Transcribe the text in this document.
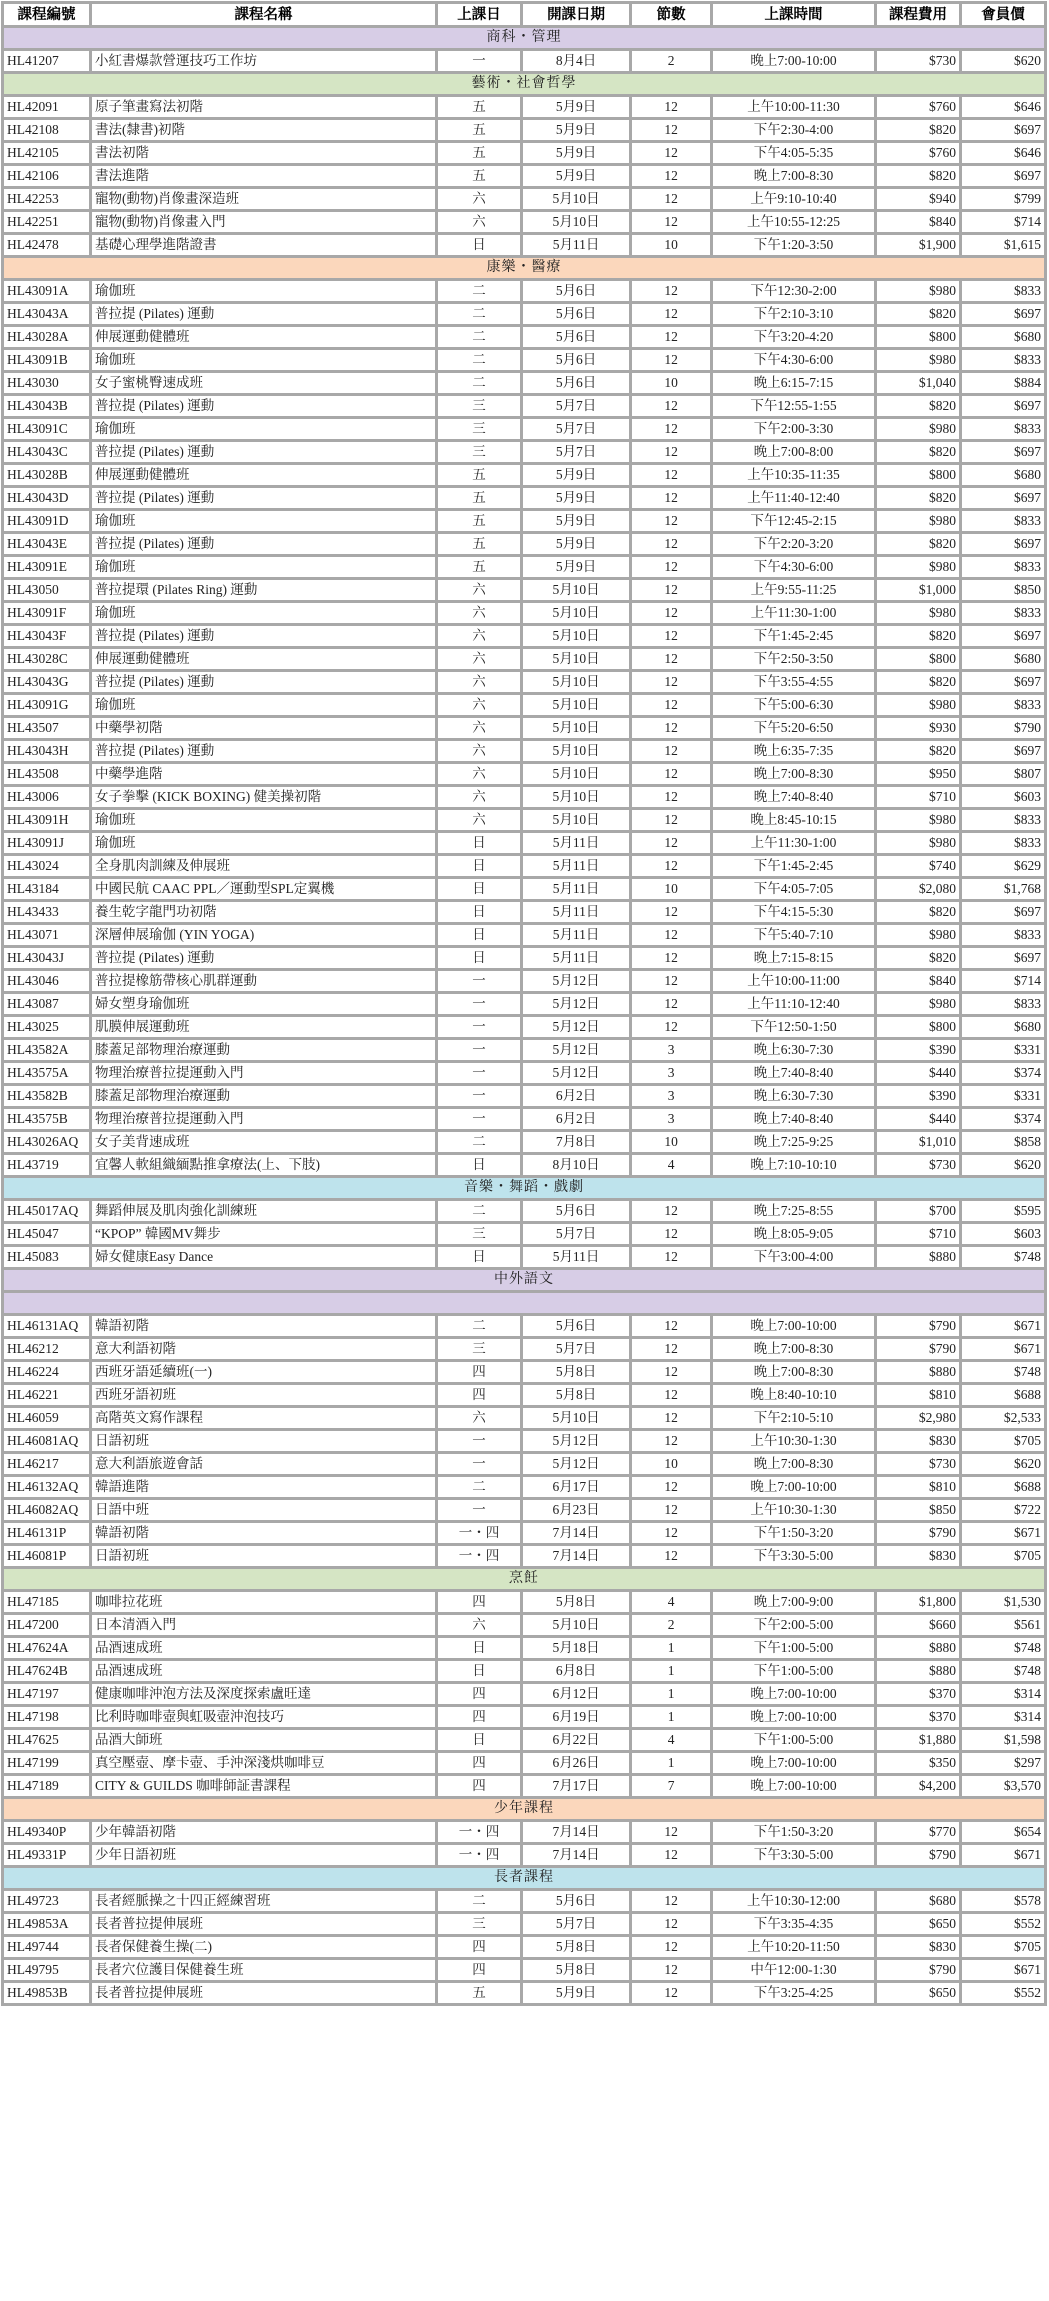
課程編號	課程名稱	上課日	開課日期	節數	上課時間	課程費用	會員價
商科・管理							
HL41207	小紅書爆款營運技巧工作坊	一	8月4日	2	晚上7:00-10:00	$730	$620
藝術・社會哲學							
HL42091	原子筆畫寫法初階	五	5月9日	12	上午10:00-11:30	$760	$646
HL42108	書法(隸書)初階	五	5月9日	12	下午2:30-4:00	$820	$697
HL42105	書法初階	五	5月9日	12	下午4:05-5:35	$760	$646
HL42106	書法進階	五	5月9日	12	晚上7:00-8:30	$820	$697
HL42253	寵物(動物)肖像畫深造班	六	5月10日	12	上午9:10-10:40	$940	$799
HL42251	寵物(動物)肖像畫入門	六	5月10日	12	上午10:55-12:25	$840	$714
HL42478	基礎心理學進階證書	日	5月11日	10	下午1:20-3:50	$1,900	$1,615
康樂・醫療							
HL43091A	瑜伽班	二	5月6日	12	下午12:30-2:00	$980	$833
HL43043A	普拉提 (Pilates) 運動	二	5月6日	12	下午2:10-3:10	$820	$697
HL43028A	伸展運動健體班	二	5月6日	12	下午3:20-4:20	$800	$680
HL43091B	瑜伽班	二	5月6日	12	下午4:30-6:00	$980	$833
HL43030	女子蜜桃臀速成班	二	5月6日	10	晚上6:15-7:15	$1,040	$884
HL43043B	普拉提 (Pilates) 運動	三	5月7日	12	下午12:55-1:55	$820	$697
HL43091C	瑜伽班	三	5月7日	12	下午2:00-3:30	$980	$833
HL43043C	普拉提 (Pilates) 運動	三	5月7日	12	晚上7:00-8:00	$820	$697
HL43028B	伸展運動健體班	五	5月9日	12	上午10:35-11:35	$800	$680
HL43043D	普拉提 (Pilates) 運動	五	5月9日	12	上午11:40-12:40	$820	$697
HL43091D	瑜伽班	五	5月9日	12	下午12:45-2:15	$980	$833
HL43043E	普拉提 (Pilates) 運動	五	5月9日	12	下午2:20-3:20	$820	$697
HL43091E	瑜伽班	五	5月9日	12	下午4:30-6:00	$980	$833
HL43050	普拉提環 (Pilates Ring) 運動	六	5月10日	12	上午9:55-11:25	$1,000	$850
HL43091F	瑜伽班	六	5月10日	12	上午11:30-1:00	$980	$833
HL43043F	普拉提 (Pilates) 運動	六	5月10日	12	下午1:45-2:45	$820	$697
HL43028C	伸展運動健體班	六	5月10日	12	下午2:50-3:50	$800	$680
HL43043G	普拉提 (Pilates) 運動	六	5月10日	12	下午3:55-4:55	$820	$697
HL43091G	瑜伽班	六	5月10日	12	下午5:00-6:30	$980	$833
HL43507	中藥學初階	六	5月10日	12	下午5:20-6:50	$930	$790
HL43043H	普拉提 (Pilates) 運動	六	5月10日	12	晚上6:35-7:35	$820	$697
HL43508	中藥學進階	六	5月10日	12	晚上7:00-8:30	$950	$807
HL43006	女子拳擊 (KICK BOXING) 健美操初階	六	5月10日	12	晚上7:40-8:40	$710	$603
HL43091H	瑜伽班	六	5月10日	12	晚上8:45-10:15	$980	$833
HL43091J	瑜伽班	日	5月11日	12	上午11:30-1:00	$980	$833
HL43024	全身肌肉訓練及伸展班	日	5月11日	12	下午1:45-2:45	$740	$629
HL43184	中國民航 CAAC PPL／運動型SPL定翼機	日	5月11日	10	下午4:05-7:05	$2,080	$1,768
HL43433	養生乾字龍門功初階	日	5月11日	12	下午4:15-5:30	$820	$697
HL43071	深層伸展瑜伽 (YIN YOGA)	日	5月11日	12	下午5:40-7:10	$980	$833
HL43043J	普拉提 (Pilates) 運動	日	5月11日	12	晚上7:15-8:15	$820	$697
HL43046	普拉提橡筋帶核心肌群運動	一	5月12日	12	上午10:00-11:00	$840	$714
HL43087	婦女塑身瑜伽班	一	5月12日	12	上午11:10-12:40	$980	$833
HL43025	肌膜伸展運動班	一	5月12日	12	下午12:50-1:50	$800	$680
HL43582A	膝蓋足部物理治療運動	一	5月12日	3	晚上6:30-7:30	$390	$331
HL43575A	物理治療普拉提運動入門	一	5月12日	3	晚上7:40-8:40	$440	$374
HL43582B	膝蓋足部物理治療運動	一	6月2日	3	晚上6:30-7:30	$390	$331
HL43575B	物理治療普拉提運動入門	一	6月2日	3	晚上7:40-8:40	$440	$374
HL43026AQ	女子美背速成班	二	7月8日	10	晚上7:25-9:25	$1,010	$858
HL43719	宜馨人軟組織緬點推拿療法(上、下肢)	日	8月10日	4	晚上7:10-10:10	$730	$620
音樂・舞蹈・戲劇							
HL45017AQ	舞蹈伸展及肌肉強化訓練班	二	5月6日	12	晚上7:25-8:55	$700	$595
HL45047	“KPOP” 韓國MV舞步	三	5月7日	12	晚上8:05-9:05	$710	$603
HL45083	婦女健康Easy Dance	日	5月11日	12	下午3:00-4:00	$880	$748
中外語文							

HL46131AQ	韓語初階	二	5月6日	12	晚上7:00-10:00	$790	$671
HL46212	意大利語初階	三	5月7日	12	晚上7:00-8:30	$790	$671
HL46224	西班牙語延續班(一)	四	5月8日	12	晚上7:00-8:30	$880	$748
HL46221	西班牙語初班	四	5月8日	12	晚上8:40-10:10	$810	$688
HL46059	高階英文寫作課程	六	5月10日	12	下午2:10-5:10	$2,980	$2,533
HL46081AQ	日語初班	一	5月12日	12	上午10:30-1:30	$830	$705
HL46217	意大利語旅遊會話	一	5月12日	10	晚上7:00-8:30	$730	$620
HL46132AQ	韓語進階	二	6月17日	12	晚上7:00-10:00	$810	$688
HL46082AQ	日語中班	一	6月23日	12	上午10:30-1:30	$850	$722
HL46131P	韓語初階	一・四	7月14日	12	下午1:50-3:20	$790	$671
HL46081P	日語初班	一・四	7月14日	12	下午3:30-5:00	$830	$705
烹飪							
HL47185	咖啡拉花班	四	5月8日	4	晚上7:00-9:00	$1,800	$1,530
HL47200	日本清酒入門	六	5月10日	2	下午2:00-5:00	$660	$561
HL47624A	品酒速成班	日	5月18日	1	下午1:00-5:00	$880	$748
HL47624B	品酒速成班	日	6月8日	1	下午1:00-5:00	$880	$748
HL47197	健康咖啡沖泡方法及深度探索盧旺達	四	6月12日	1	晚上7:00-10:00	$370	$314
HL47198	比利時咖啡壺與虹吸壺沖泡技巧	四	6月19日	1	晚上7:00-10:00	$370	$314
HL47625	品酒大師班	日	6月22日	4	下午1:00-5:00	$1,880	$1,598
HL47199	真空壓壺、摩卡壺、手沖深淺烘咖啡豆	四	6月26日	1	晚上7:00-10:00	$350	$297
HL47189	CITY & GUILDS 咖啡師証書課程	四	7月17日	7	晚上7:00-10:00	$4,200	$3,570
少年課程							
HL49340P	少年韓語初階	一・四	7月14日	12	下午1:50-3:20	$770	$654
HL49331P	少年日語初班	一・四	7月14日	12	下午3:30-5:00	$790	$671
長者課程							
HL49723	長者經脈操之十四正經練習班	二	5月6日	12	上午10:30-12:00	$680	$578
HL49853A	長者普拉提伸展班	三	5月7日	12	下午3:35-4:35	$650	$552
HL49744	長者保健養生操(二)	四	5月8日	12	上午10:20-11:50	$830	$705
HL49795	長者穴位護目保健養生班	四	5月8日	12	中午12:00-1:30	$790	$671
HL49853B	長者普拉提伸展班	五	5月9日	12	下午3:25-4:25	$650	$552
